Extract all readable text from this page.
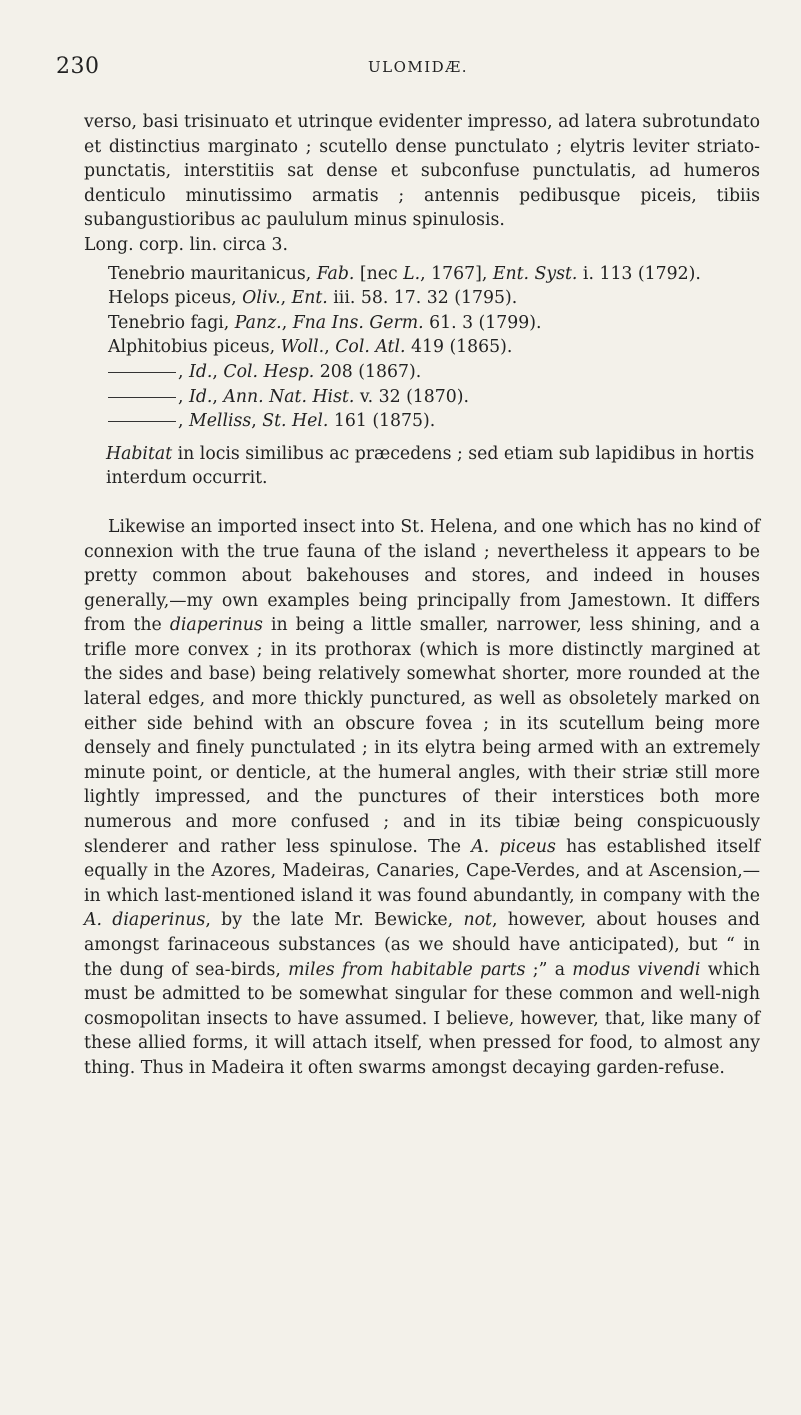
230	ULOMIDÆ.

verso, basi trisinuato et utrinque evidenter impresso, ad latera subrotundato et distinctius marginato ; scutello dense punctulato ; elytris leviter striato-punctatis, interstitiis sat dense et subconfuse punctulatis, ad humeros denticulo minutissimo armatis ; antennis pedibusque piceis, tibiis subangustioribus ac paululum minus spinulosis.

Long. corp. lin. circa 3.

Tenebrio mauritanicus, Fab. [nec L., 1767], Ent. Syst. i. 113 (1792).
Helops piceus, Oliv., Ent. iii. 58. 17. 32 (1795).
Tenebrio fagi, Panz., Fna Ins. Germ. 61. 3 (1799).
Alphitobius piceus, Woll., Col. Atl. 419 (1865).
, Id., Col. Hesp. 208 (1867).
, Id., Ann. Nat. Hist. v. 32 (1870).
, Melliss, St. Hel. 161 (1875).

Habitat in locis similibus ac præcedens ; sed etiam sub lapidibus in hortis interdum occurrit.

Likewise an imported insect into St. Helena, and one which has no kind of connexion with the true fauna of the island ; nevertheless it appears to be pretty common about bakehouses and stores, and indeed in houses generally,—my own examples being principally from Jamestown. It differs from the diaperinus in being a little smaller, narrower, less shining, and a trifle more convex ; in its prothorax (which is more distinctly margined at the sides and base) being relatively somewhat shorter, more rounded at the lateral edges, and more thickly punctured, as well as obsoletely marked on either side behind with an obscure fovea ; in its scutellum being more densely and finely punctulated ; in its elytra being armed with an extremely minute point, or denticle, at the humeral angles, with their striæ still more lightly impressed, and the punctures of their interstices both more numerous and more confused ; and in its tibiæ being conspicuously slenderer and rather less spinulose. The A. piceus has established itself equally in the Azores, Madeiras, Canaries, Cape-Verdes, and at Ascension,—in which last-mentioned island it was found abundantly, in company with the A. diaperinus, by the late Mr. Bewicke, not, however, about houses and amongst farinaceous substances (as we should have anticipated), but “ in the dung of sea-birds, miles from habitable parts ;” a modus vivendi which must be admitted to be somewhat singular for these common and well-nigh cosmopolitan insects to have assumed. I believe, however, that, like many of these allied forms, it will attach itself, when pressed for food, to almost any thing. Thus in Madeira it often swarms amongst decaying garden-refuse.
